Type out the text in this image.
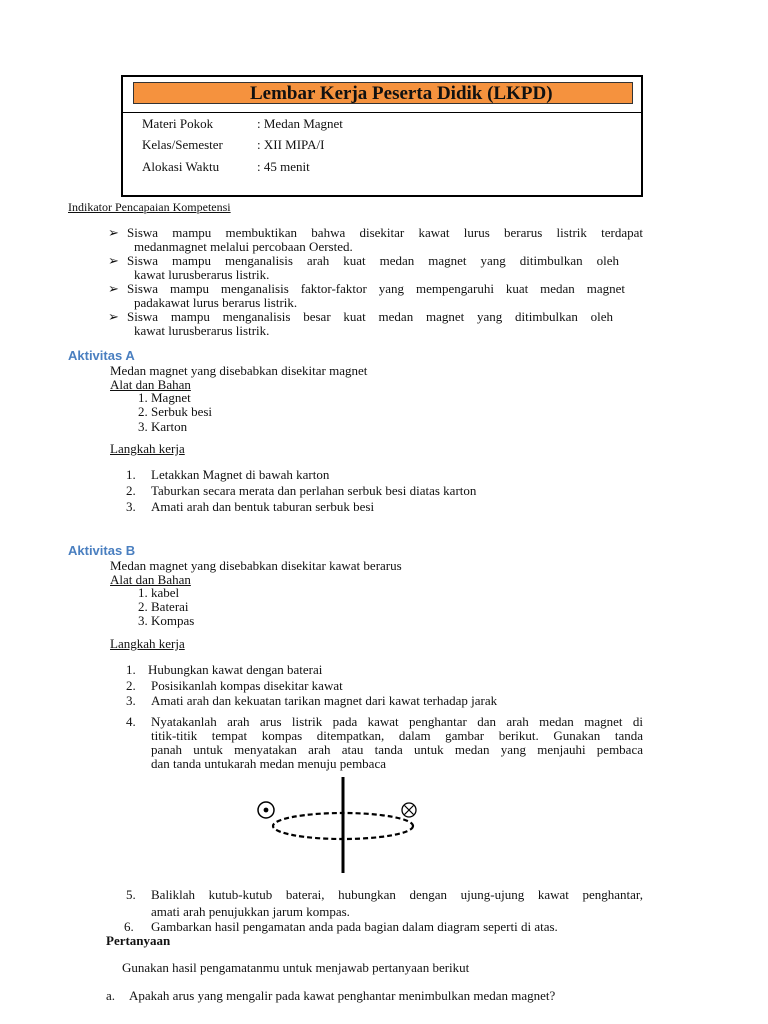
Lembar Kerja Peserta Didik (LKPD)
Materi Pokok	: Medan Magnet
Kelas/Semester	: XII MIPA/I
Alokasi Waktu	: 45 menit
Indikator Pencapaian Kompetensi
➢ Siswa mampu membuktikan bahwa disekitar kawat lurus berarus listrik terdapat
medanmagnet melalui percobaan Oersted.
➢ Siswa mampu menganalisis arah kuat medan magnet yang ditimbulkan oleh
kawat lurusberarus listrik.
➢ Siswa mampu menganalisis faktor-faktor yang mempengaruhi kuat medan magnet
padakawat lurus berarus listrik.
➢ Siswa mampu menganalisis besar kuat medan magnet yang ditimbulkan oleh
kawat lurusberarus listrik.
Aktivitas A
Medan magnet yang disebabkan disekitar magnet
Alat dan Bahan
1. Magnet
2. Serbuk besi
3. Karton
Langkah kerja
1. Letakkan Magnet di bawah karton
2. Taburkan secara merata dan perlahan serbuk besi diatas karton
3. Amati arah dan bentuk taburan serbuk besi
Aktivitas B
Medan magnet yang disebabkan disekitar kawat berarus
Alat dan Bahan
1. kabel
2. Baterai
3. Kompas
Langkah kerja
1. Hubungkan kawat dengan baterai
2. Posisikanlah kompas disekitar kawat
3. Amati arah dan kekuatan tarikan magnet dari kawat terhadap jarak
4. Nyatakanlah arah arus listrik pada kawat penghantar dan arah medan magnet di
titik-titik tempat kompas ditempatkan, dalam gambar berikut. Gunakan tanda
panah untuk menyatakan arah atau tanda untuk medan yang menjauhi pembaca
dan tanda untukarah medan menuju pembaca
5. Baliklah kutub-kutub baterai, hubungkan dengan ujung-ujung kawat penghantar,
amati arah penujukkan jarum kompas.
6. Gambarkan hasil pengamatan anda pada bagian dalam diagram seperti di atas.
Pertanyaan
Gunakan hasil pengamatanmu untuk menjawab pertanyaan berikut
a. Apakah arus yang mengalir pada kawat penghantar menimbulkan medan magnet?
